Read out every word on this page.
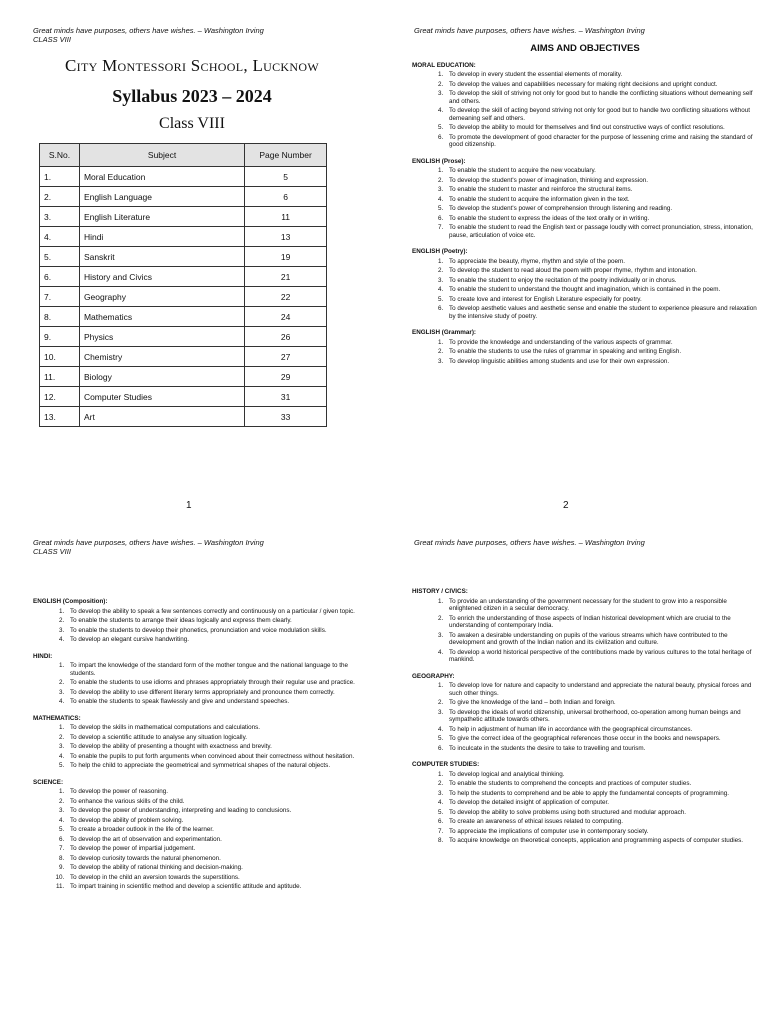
Great minds have purposes, others have wishes. – Washington Irving
CLASS VIII
City Montessori School, Lucknow
Syllabus 2023 – 2024
Class VIII
S.No.	Subject	Page Number
1.	Moral Education	5
2.	English Language	6
3.	English Literature	11
4.	Hindi	13
5.	Sanskrit	19
6.	History and Civics	21
7.	Geography	22
8.	Mathematics	24
9.	Physics	26
10.	Chemistry	27
11.	Biology	29
12.	Computer Studies	31
13.	Art	33
1
Great minds have purposes, others have wishes. – Washington Irving
AIMS AND OBJECTIVES
MORAL EDUCATION:
1. To develop in every student the essential elements of morality.
2. To develop the values and capabilities necessary for making right decisions and upright conduct.
3. To develop the skill of striving not only for good but to handle the conflicting situations without demeaning self and others.
4. To develop the skill of acting beyond striving not only for good but to handle two conflicting situations without demeaning self and others.
5. To develop the ability to mould for themselves and find out constructive ways of conflict resolutions.
6. To promote the development of good character for the purpose of lessening crime and raising the standard of good citizenship.
ENGLISH (Prose):
1. To enable the student to acquire the new vocabulary.
2. To develop the student's power of imagination, thinking and expression.
3. To enable the student to master and reinforce the structural items.
4. To enable the student to acquire the information given in the text.
5. To develop the student's power of comprehension through listening and reading.
6. To enable the student to express the ideas of the text orally or in writing.
7. To enable the student to read the English text or passage loudly with correct pronunciation, stress, intonation, pause, articulation of voice etc.
ENGLISH (Poetry):
1. To appreciate the beauty, rhyme, rhythm and style of the poem.
2. To develop the student to read aloud the poem with proper rhyme, rhythm and intonation.
3. To enable the student to enjoy the recitation of the poetry individually or in chorus.
4. To enable the student to understand the thought and imagination, which is contained in the poem.
5. To create love and interest for English Literature especially for poetry.
6. To develop aesthetic values and aesthetic sense and enable the student to experience pleasure and relaxation by the intensive study of poetry.
ENGLISH (Grammar):
1. To provide the knowledge and understanding of the various aspects of grammar.
2. To enable the students to use the rules of grammar in speaking and writing English.
3. To develop linguistic abilities among students and use for their own expression.
2
Great minds have purposes, others have wishes. – Washington Irving
CLASS VIII
ENGLISH (Composition):
1. To develop the ability to speak a few sentences correctly and continuously on a particular / given topic.
2. To enable the students to arrange their ideas logically and express them clearly.
3. To enable the students to develop their phonetics, pronunciation and voice modulation skills.
4. To develop an elegant cursive handwriting.
HINDI:
1. To impart the knowledge of the standard form of the mother tongue and the national language to the students.
2. To enable the students to use idioms and phrases appropriately through their regular use and practice.
3. To develop the ability to use different literary terms appropriately and pronounce them correctly.
4. To enable the students to speak flawlessly and give and understand speeches.
MATHEMATICS:
1. To develop the skills in mathematical computations and calculations.
2. To develop a scientific attitude to analyse any situation logically.
3. To develop the ability of presenting a thought with exactness and brevity.
4. To enable the pupils to put forth arguments when convinced about their correctness without hesitation.
5. To help the child to appreciate the geometrical and symmetrical shapes of the natural objects.
SCIENCE:
1. To develop the power of reasoning.
2. To enhance the various skills of the child.
3. To develop the power of understanding, interpreting and leading to conclusions.
4. To develop the ability of problem solving.
5. To create a broader outlook in the life of the learner.
6. To develop the art of observation and experimentation.
7. To develop the power of impartial judgement.
8. To develop curiosity towards the natural phenomenon.
9. To develop the ability of rational thinking and decision-making.
10. To develop in the child an aversion towards the superstitions.
11. To impart training in scientific method and develop a scientific attitude and aptitude.
Great minds have purposes, others have wishes. – Washington Irving
HISTORY / CIVICS:
1. To provide an understanding of the government necessary for the student to grow into a responsible enlightened citizen in a secular democracy.
2. To enrich the understanding of those aspects of Indian historical development which are crucial to the understanding of contemporary India.
3. To awaken a desirable understanding on pupils of the various streams which have contributed to the development and growth of the Indian nation and its civilization and culture.
4. To develop a world historical perspective of the contributions made by various cultures to the total heritage of mankind.
GEOGRAPHY:
1. To develop love for nature and capacity to understand and appreciate the natural beauty, physical forces and such other things.
2. To give the knowledge of the land – both Indian and foreign.
3. To develop the ideals of world citizenship, universal brotherhood, co-operation among human beings and sympathetic attitude towards others.
4. To help in adjustment of human life in accordance with the geographical circumstances.
5. To give the correct idea of the geographical references those occur in the books and newspapers.
6. To inculcate in the students the desire to take to travelling and tourism.
COMPUTER STUDIES:
1. To develop logical and analytical thinking.
2. To enable the students to comprehend the concepts and practices of computer studies.
3. To help the students to comprehend and be able to apply the fundamental concepts of programming.
4. To develop the detailed insight of application of computer.
5. To develop the ability to solve problems using both structured and modular approach.
6. To create an awareness of ethical issues related to computing.
7. To appreciate the implications of computer use in contemporary society.
8. To acquire knowledge on theoretical concepts, application and programming aspects of computer studies.
